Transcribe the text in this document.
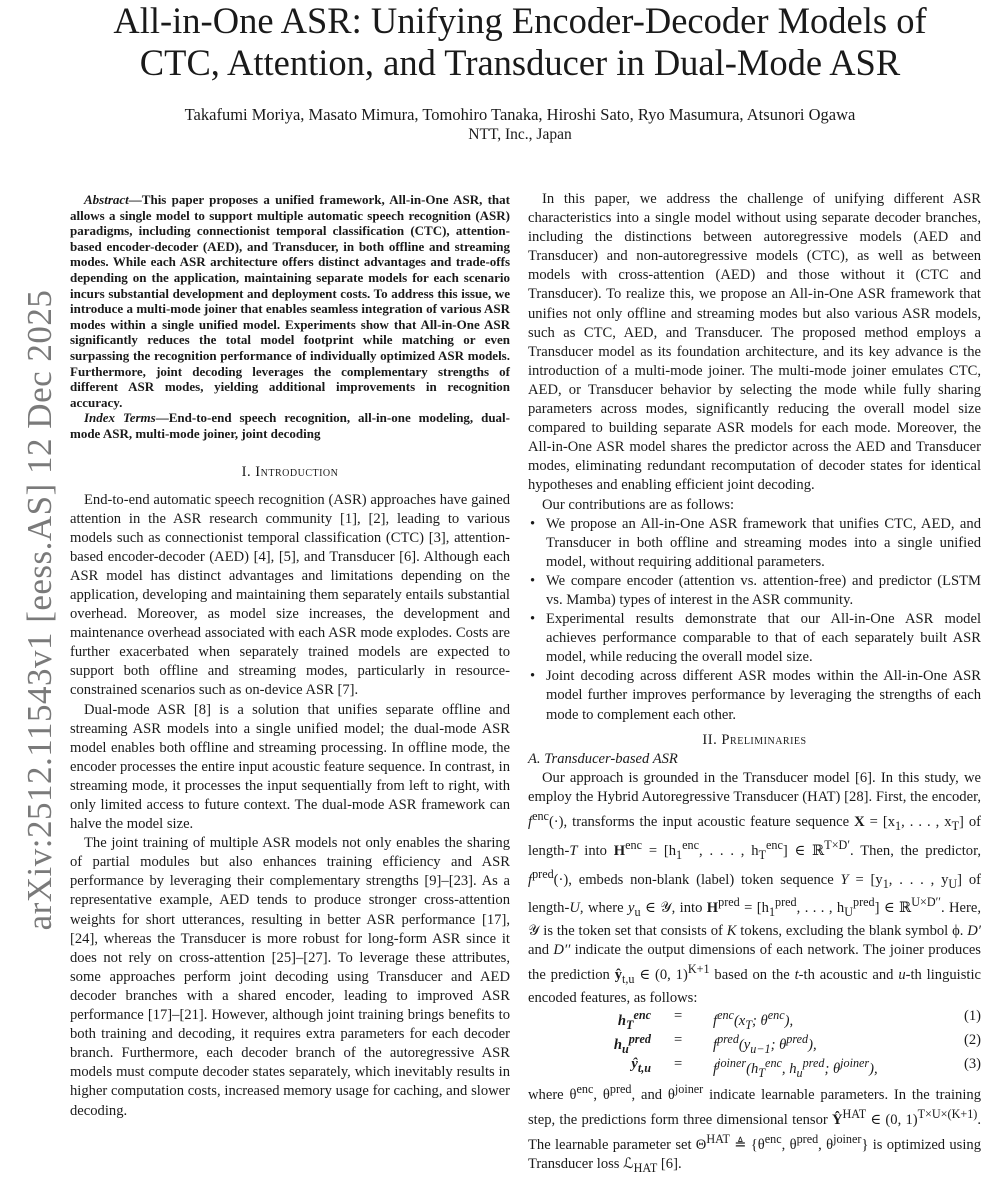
arXiv:2512.11543v1 [eess.AS] 12 Dec 2025
All-in-One ASR: Unifying Encoder-Decoder Models of
CTC, Attention, and Transducer in Dual-Mode ASR
Takafumi Moriya, Masato Mimura, Tomohiro Tanaka, Hiroshi Sato, Ryo Masumura, Atsunori Ogawa
NTT, Inc., Japan

Abstract—This paper proposes a unified framework, All-in-One ASR, that allows a single model to support multiple automatic speech recognition (ASR) paradigms, including connectionist temporal classification (CTC), attention-based encoder-decoder (AED), and Transducer, in both offline and streaming modes. While each ASR architecture offers distinct advantages and trade-offs depending on the application, maintaining separate models for each scenario incurs substantial development and deployment costs. To address this issue, we introduce a multi-mode joiner that enables seamless integration of various ASR modes within a single unified model. Experiments show that All-in-One ASR significantly reduces the total model footprint while matching or even surpassing the recognition performance of individually optimized ASR models. Furthermore, joint decoding leverages the complementary strengths of different ASR modes, yielding additional improvements in recognition accuracy.

Index Terms—End-to-end speech recognition, all-in-one modeling, dual-mode ASR, multi-mode joiner, joint decoding

I. Introduction

End-to-end automatic speech recognition (ASR) approaches have gained attention in the ASR research community [1], [2], leading to various models such as connectionist temporal classification (CTC) [3], attention-based encoder-decoder (AED) [4], [5], and Transducer [6]. Although each ASR model has distinct advantages and limitations depending on the application, developing and maintaining them separately entails substantial overhead. Moreover, as model size increases, the development and maintenance overhead associated with each ASR mode explodes. Costs are further exacerbated when separately trained models are expected to support both offline and streaming modes, particularly in resource-constrained scenarios such as on-device ASR [7].

Dual-mode ASR [8] is a solution that unifies separate offline and streaming ASR models into a single unified model; the dual-mode ASR model enables both offline and streaming processing. In offline mode, the encoder processes the entire input acoustic feature sequence. In contrast, in streaming mode, it processes the input sequentially from left to right, with only limited access to future context. The dual-mode ASR framework can halve the model size.

The joint training of multiple ASR models not only enables the sharing of partial modules but also enhances training efficiency and ASR performance by leveraging their complementary strengths [9]–[23]. As a representative example, AED tends to produce stronger cross-attention weights for short utterances, resulting in better ASR performance [17], [24], whereas the Transducer is more robust for long-form ASR since it does not rely on cross-attention [25]–[27]. To leverage these attributes, some approaches perform joint decoding using Transducer and AED decoder branches with a shared encoder, leading to improved ASR performance [17]–[21]. However, although joint training brings benefits to both training and decoding, it requires extra parameters for each decoder branch. Furthermore, each decoder branch of the autoregressive ASR models must compute decoder states separately, which inevitably results in higher computation costs, increased memory usage for caching, and slower decoding.

In this paper, we address the challenge of unifying different ASR characteristics into a single model without using separate decoder branches, including the distinctions between autoregressive models (AED and Transducer) and non-autoregressive models (CTC), as well as between models with cross-attention (AED) and those without it (CTC and Transducer). To realize this, we propose an All-in-One ASR framework that unifies not only offline and streaming modes but also various ASR models, such as CTC, AED, and Transducer. The proposed method employs a Transducer model as its foundation architecture, and its key advance is the introduction of a multi-mode joiner. The multi-mode joiner emulates CTC, AED, or Transducer behavior by selecting the mode while fully sharing parameters across modes, significantly reducing the overall model size compared to building separate ASR models for each mode. Moreover, the All-in-One ASR model shares the predictor across the AED and Transducer modes, eliminating redundant recomputation of decoder states for identical hypotheses and enabling efficient joint decoding.

Our contributions are as follows:

• We propose an All-in-One ASR framework that unifies CTC, AED, and Transducer in both offline and streaming modes into a single unified model, without requiring additional parameters.
• We compare encoder (attention vs. attention-free) and predictor (LSTM vs. Mamba) types of interest in the ASR community.
• Experimental results demonstrate that our All-in-One ASR model achieves performance comparable to that of each separately built ASR model, while reducing the overall model size.
• Joint decoding across different ASR modes within the All-in-One ASR model further improves performance by leveraging the strengths of each mode to complement each other.

II. Preliminaries

A. Transducer-based ASR

Our approach is grounded in the Transducer model [6]. In this study, we employ the Hybrid Autoregressive Transducer (HAT) [28]. First, the encoder, $f^{enc}(\cdot)$, transforms the input acoustic feature sequence $X = [x_1$, . . . , $x_T$] of length-T into $H^{enc} = [h_1^{enc}$, . . . , $h_T^{enc}$] ∈ ℝ$^{T\times D'}$. Then, the predictor, $f^{pred}(\cdot)$, embeds non-blank (label) token sequence $Y = [y_1$, . . . , $y_U$] of length-U, where $y_u$ ∈ 𝒴, into $H^{pred} = [h_1^{pred}$, . . . , $h_U^{pred}$] ∈ ℝ$^{U\times D''}$. Here, 𝒴 is the token set that consists of K tokens, excluding the blank symbol ϕ. D′ and D′′ indicate the output dimensions of each network. The joiner produces the prediction $ŷ_{t,u}$ ∈ (0, 1)$^{K+1}$ based on the t-th acoustic and u-th linguistic encoded features, as follows:

$h_T^{enc} = f^{enc}(x_T$; $\theta^{enc}$),	(1)
$h_u^{pred} = f^{pred}(y_{u-1}$; $\theta^{pred}$),	(2)
$ŷ_{t,u} = f^{joiner}(h_T^{enc}$, $h_u^{pred}$; $\theta^{joiner}$),	(3)

where $\theta^{enc}$, $\theta^{pred}$, and $\theta^{joiner}$ indicate learnable parameters. In the training step, the predictions form three dimensional tensor $Ŷ^{HAT}$ ∈ (0, 1)$^{T\times U\times(K+1)}$. The learnable parameter set $\Theta^{HAT}$ ≜ {$\theta^{enc}$, $\theta^{pred}$, $\theta^{joiner}$} is optimized using Transducer loss ℒ$_{HAT}$ [6].
